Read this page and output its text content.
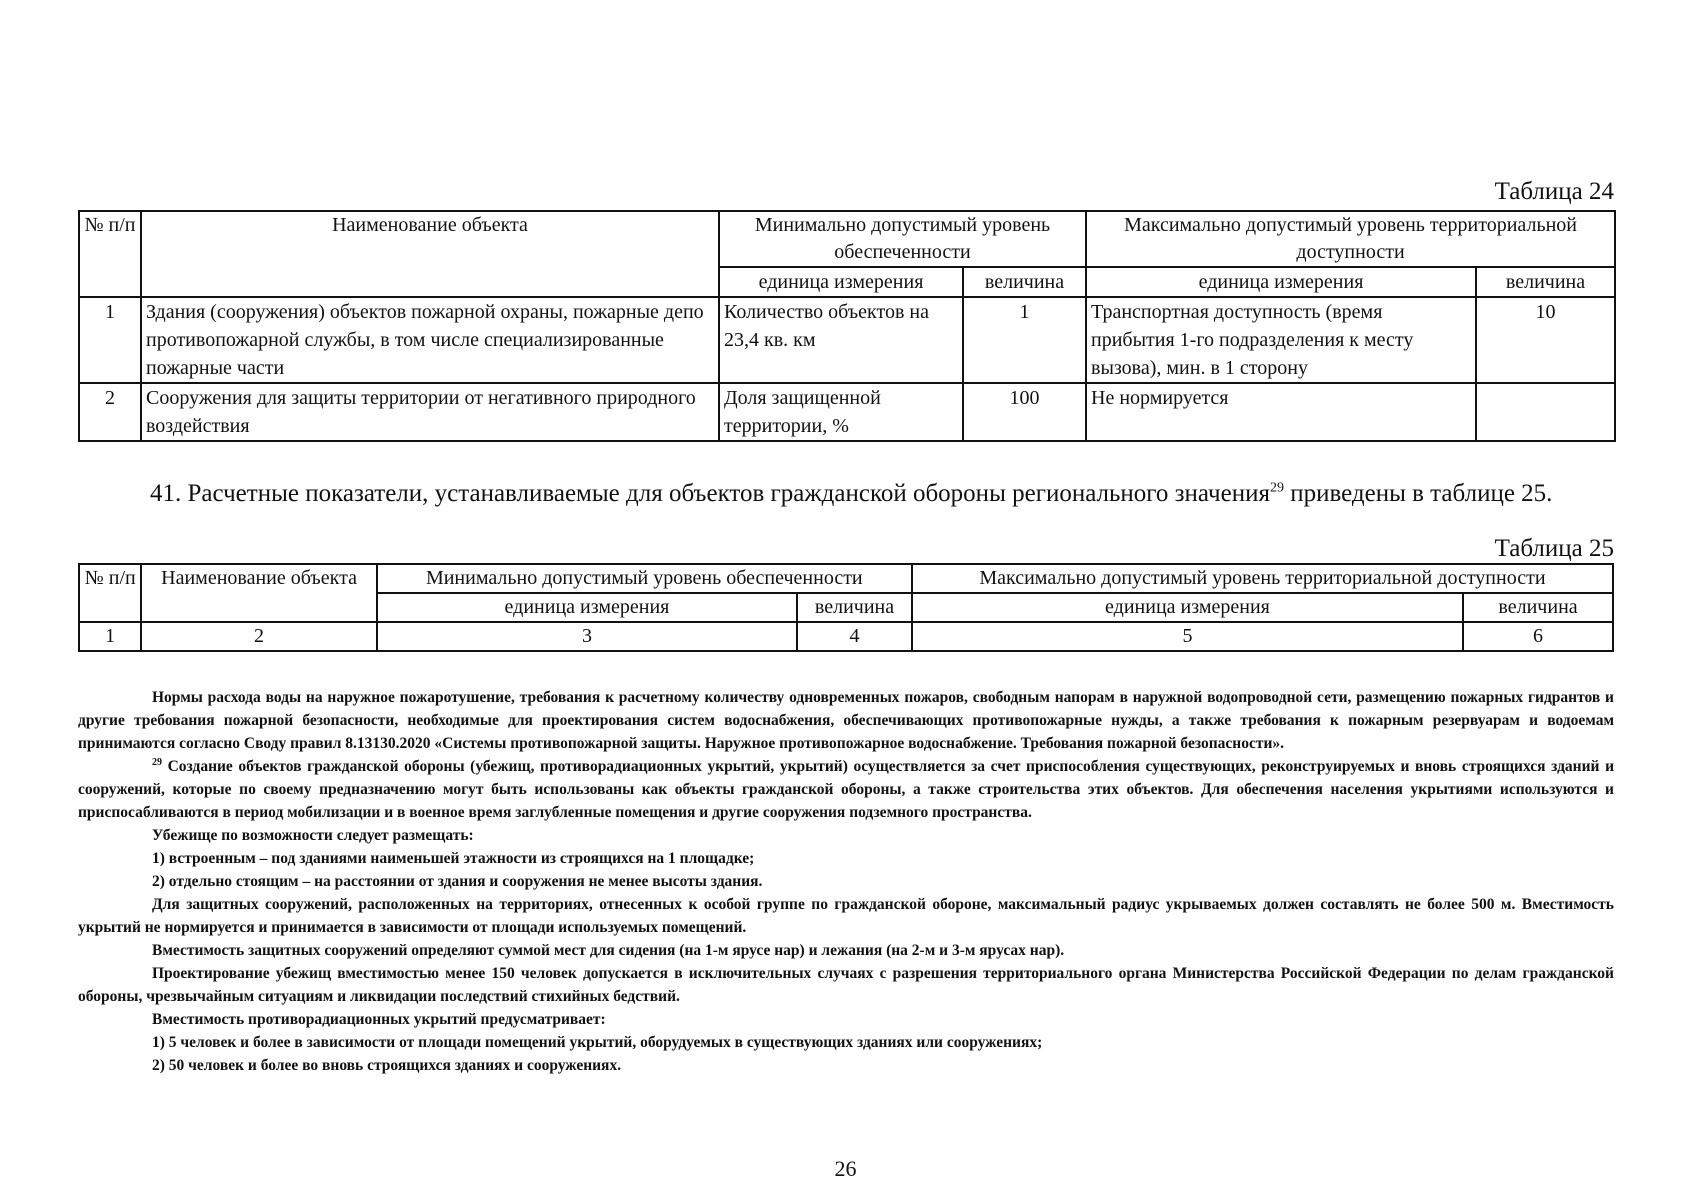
Таблица 24
№ п/п	Наименование объекта	Минимально допустимый уровень обеспеченности		Максимально допустимый уровень территориальной доступности	
		единица измерения	величина	единица измерения	величина
1	Здания (сооружения) объектов пожарной охраны, пожарные депо противопожарной службы, в том числе специализированные пожарные части	Количество объектов на 23,4 кв. км	1	Транспортная доступность (время прибытия 1-го подразделения к месту вызова), мин. в 1 сторону	10
2	Сооружения для защиты территории от негативного природного воздействия	Доля защищенной территории, %	100	Не нормируется	

41. Расчетные показатели, устанавливаемые для объектов гражданской обороны регионального значения$^{29}$ приведены в таблице 25.

Таблица 25
№ п/п	Наименование объекта	Минимально допустимый уровень обеспеченности		Максимально допустимый уровень территориальной доступности	
		единица измерения	величина	единица измерения	величина
1	2	3	4	5	6

Нормы расхода воды на наружное пожаротушение, требования к расчетному количеству одновременных пожаров, свободным напорам в наружной водопроводной сети, размещению пожарных гидрантов и другие требования пожарной безопасности, необходимые для проектирования систем водоснабжения, обеспечивающих противопожарные нужды, а также требования к пожарным резервуарам и водоемам принимаются согласно Своду правил 8.13130.2020 «Системы противопожарной защиты. Наружное противопожарное водоснабжение. Требования пожарной безопасности».

$^{29}$ Создание объектов гражданской обороны (убежищ, противорадиационных укрытий, укрытий) осуществляется за счет приспособления существующих, реконструируемых и вновь строящихся зданий и сооружений, которые по своему предназначению могут быть использованы как объекты гражданской обороны, а также строительства этих объектов. Для обеспечения населения укрытиями используются и приспосабливаются в период мобилизации и в военное время заглубленные помещения и другие сооружения подземного пространства.

Убежище по возможности следует размещать:

1) встроенным – под зданиями наименьшей этажности из строящихся на 1 площадке;

2) отдельно стоящим – на расстоянии от здания и сооружения не менее высоты здания.

Для защитных сооружений, расположенных на территориях, отнесенных к особой группе по гражданской обороне, максимальный радиус укрываемых должен составлять не более 500 м. Вместимость укрытий не нормируется и принимается в зависимости от площади используемых помещений.

Вместимость защитных сооружений определяют суммой мест для сидения (на 1-м ярусе нар) и лежания (на 2-м и 3-м ярусах нар).

Проектирование убежищ вместимостью менее 150 человек допускается в исключительных случаях с разрешения территориального органа Министерства Российской Федерации по делам гражданской обороны, чрезвычайным ситуациям и ликвидации последствий стихийных бедствий.

Вместимость противорадиационных укрытий предусматривает:

1) 5 человек и более в зависимости от площади помещений укрытий, оборудуемых в существующих зданиях или сооружениях;

2) 50 человек и более во вновь строящихся зданиях и сооружениях.

26
